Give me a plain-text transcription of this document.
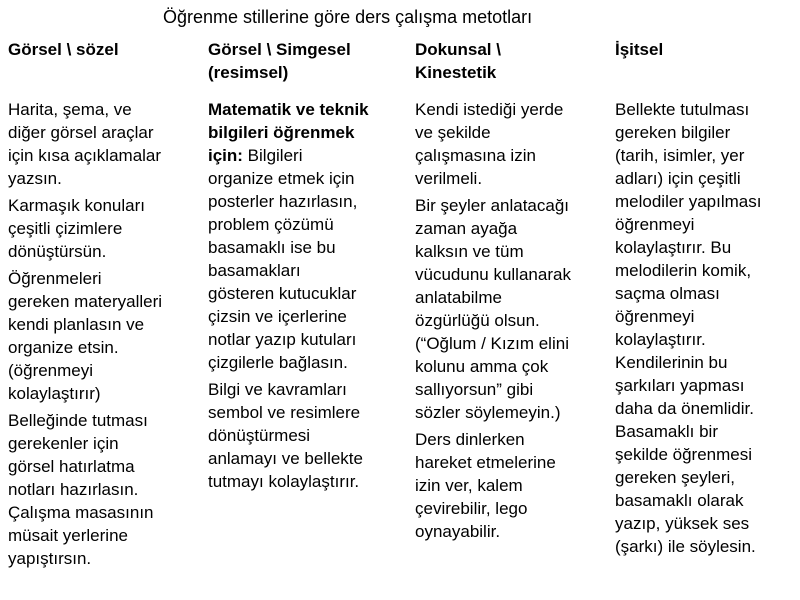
Öğrenme stillerine göre ders çalışma metotları
Görsel \ sözel

Harita, şema, ve
diğer görsel araçlar
için kısa açıklamalar
yazsın.

Karmaşık konuları
çeşitli çizimlere
dönüştürsün.

Öğrenmeleri
gereken materyalleri
kendi planlasın ve
organize etsin.
(öğrenmeyi
kolaylaştırır)

Belleğinde tutması
gerekenler için
görsel hatırlatma
notları hazırlasın.
Çalışma masasının
müsait yerlerine
yapıştırsın.

Görsel \ Simgesel
(resimsel)

Matematik ve teknik
bilgileri öğrenmek
için: Bilgileri
organize etmek için
posterler hazırlasın,
problem çözümü
basamaklı ise bu
basamakları
gösteren kutucuklar
çizsin ve içerlerine
notlar yazıp kutuları
çizgilerle bağlasın.

Bilgi ve kavramları
sembol ve resimlere
dönüştürmesi
anlamayı ve bellekte
tutmayı kolaylaştırır.

Dokunsal \
Kinestetik

Kendi istediği yerde
ve şekilde
çalışmasına izin
verilmeli.

Bir şeyler anlatacağı
zaman ayağa
kalksın ve tüm
vücudunu kullanarak
anlatabilme
özgürlüğü olsun.
(“Oğlum / Kızım elini
kolunu amma çok
sallıyorsun” gibi
sözler söylemeyin.)

Ders dinlerken
hareket etmelerine
izin ver, kalem
çevirebilir, lego
oynayabilir.

İşitsel

Bellekte tutulması
gereken bilgiler
(tarih, isimler, yer
adları) için çeşitli
melodiler yapılması
öğrenmeyi
kolaylaştırır. Bu
melodilerin komik,
saçma olması
öğrenmeyi
kolaylaştırır.
Kendilerinin bu
şarkıları yapması
daha da önemlidir.
Basamaklı bir
şekilde öğrenmesi
gereken şeyleri,
basamaklı olarak
yazıp, yüksek ses
(şarkı) ile söylesin.
